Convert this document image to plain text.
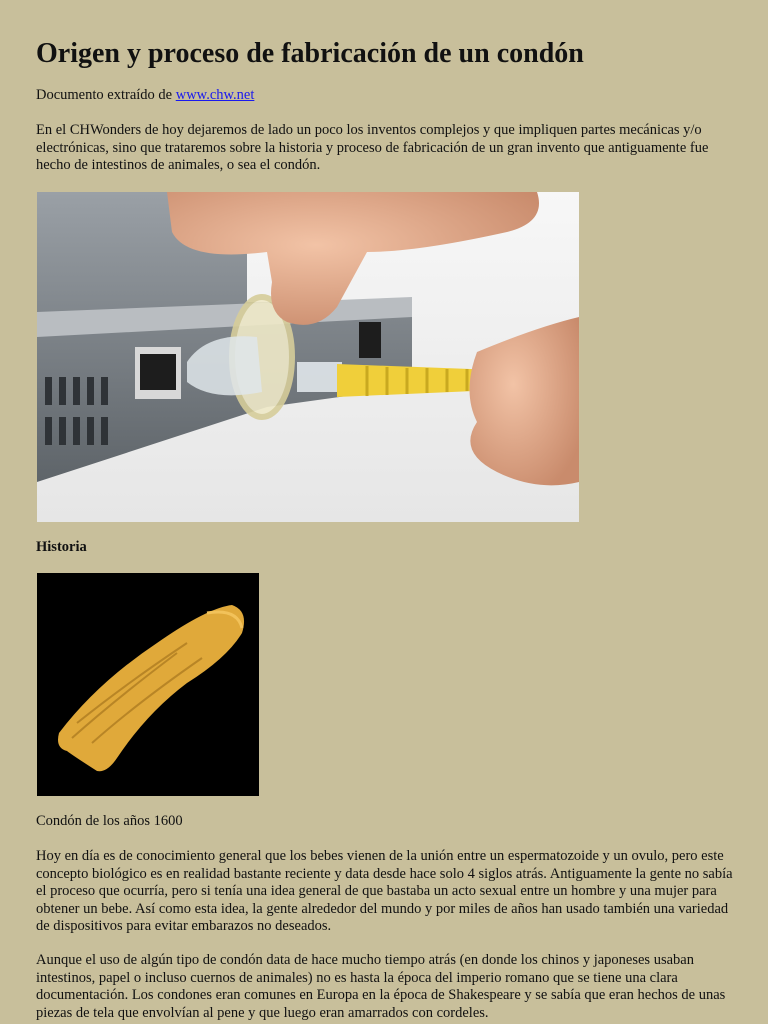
Origen y proceso de fabricación de un condón

Documento extraído de www.chw.net

En el CHWonders de hoy dejaremos de lado un poco los inventos complejos y que impliquen partes mecánicas y/o electrónicas, sino que trataremos sobre la historia y proceso de fabricación de un gran invento que antiguamente fue hecho de intestinos de animales, o sea el condón.

Historia

Condón de los años 1600

Hoy en día es de conocimiento general que los bebes vienen de la unión entre un espermatozoide y un ovulo, pero este concepto biológico es en realidad bastante reciente y data desde hace solo 4 siglos atrás. Antiguamente la gente no sabía el proceso que ocurría, pero si tenía una idea general de que bastaba un acto sexual entre un hombre y una mujer para obtener un bebe. Así como esta idea, la gente alrededor del mundo y por miles de años han usado también una variedad de dispositivos para evitar embarazos no deseados.

Aunque el uso de algún tipo de condón data de hace mucho tiempo atrás (en donde los chinos y japoneses usaban intestinos, papel o incluso cuernos de animales) no es hasta la época del imperio romano que se tiene una clara documentación. Los condones eran comunes en Europa en la época de Shakespeare y se sabía que eran hechos de unas piezas de tela que envolvían al pene y que luego eran amarrados con cordeles.
